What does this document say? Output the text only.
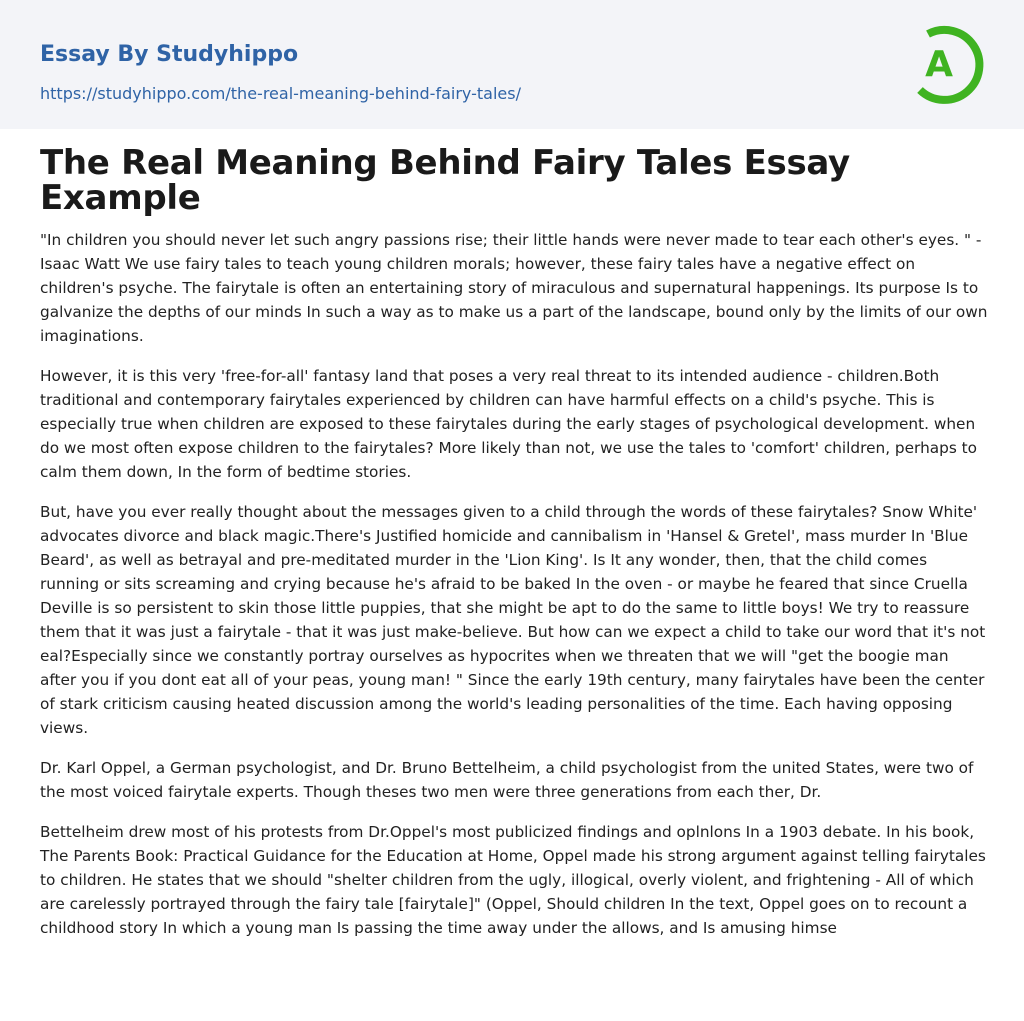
Essay By Studyhippo
https://studyhippo.com/the-real-meaning-behind-fairy-tales/
A
The Real Meaning Behind Fairy Tales Essay Example

"In children you should never let such angry passions rise; their little hands were never made to tear each other's eyes. " - Isaac Watt We use fairy tales to teach young children morals; however, these fairy tales have a negative effect on children's psyche. The fairytale is often an entertaining story of miraculous and supernatural happenings. Its purpose Is to galvanize the depths of our minds In such a way as to make us a part of the landscape, bound only by the limits of our own imaginations.

However, it is this very 'free-for-all' fantasy land that poses a very real threat to its intended audience - children.Both traditional and contemporary fairytales experienced by children can have harmful effects on a child's psyche. This is especially true when children are exposed to these fairytales during the early stages of psychological development. when do we most often expose children to the fairytales? More likely than not, we use the tales to 'comfort' children, perhaps to calm them down, In the form of bedtime stories.

But, have you ever really thought about the messages given to a child through the words of these fairytales? Snow White' advocates divorce and black magic.There's Justified homicide and cannibalism in 'Hansel & Gretel', mass murder In 'Blue Beard', as well as betrayal and pre-meditated murder in the 'Lion King'. Is It any wonder, then, that the child comes running or sits screaming and crying because he's afraid to be baked In the oven - or maybe he feared that since Cruella Deville is so persistent to skin those little puppies, that she might be apt to do the same to little boys! We try to reassure them that it was just a fairytale - that it was just make-believe. But how can we expect a child to take our word that it's not eal?Especially since we constantly portray ourselves as hypocrites when we threaten that we will "get the boogie man after you if you dont eat all of your peas, young man! " Since the early 19th century, many fairytales have been the center of stark criticism causing heated discussion among the world's leading personalities of the time. Each having opposing views.

Dr. Karl Oppel, a German psychologist, and Dr. Bruno Bettelheim, a child psychologist from the united States, were two of the most voiced fairytale experts. Though theses two men were three generations from each ther, Dr.

Bettelheim drew most of his protests from Dr.Oppel's most publicized findings and oplnlons In a 1903 debate. In his book, The Parents Book: Practical Guidance for the Education at Home, Oppel made his strong argument against telling fairytales to children. He states that we should "shelter children from the ugly, illogical, overly violent, and frightening - All of which are carelessly portrayed through the fairy tale [fairytale]" (Oppel, Should children In the text, Oppel goes on to recount a childhood story In which a young man Is passing the time away under the allows, and Is amusing himse
